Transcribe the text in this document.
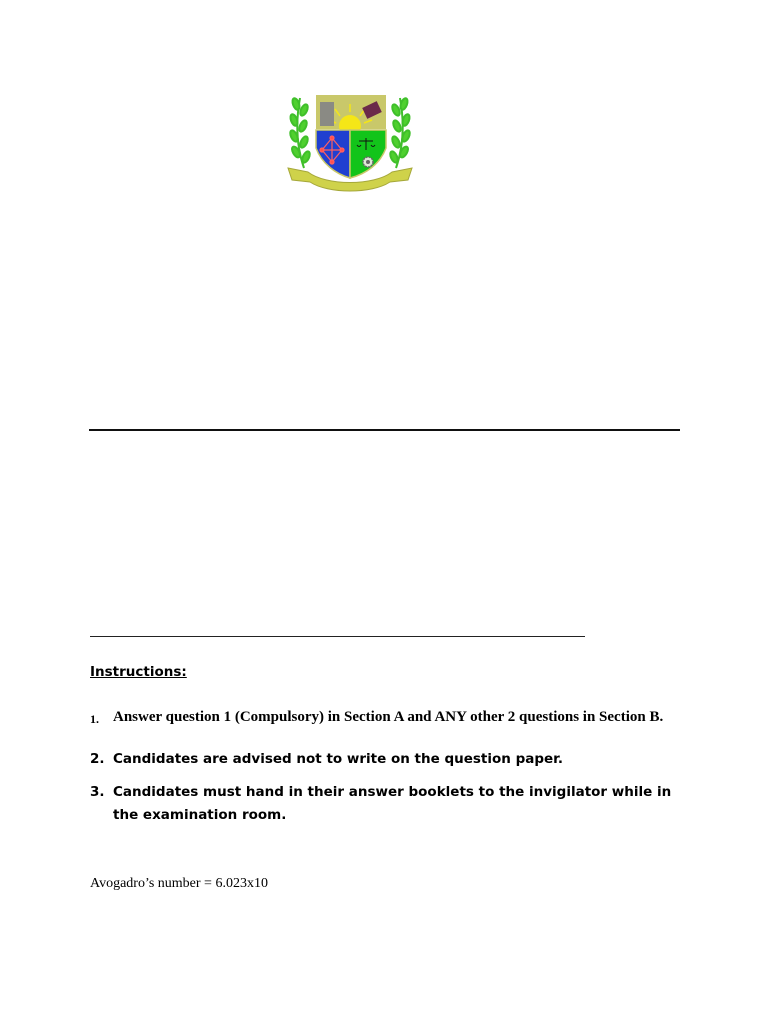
Instructions:
1. Answer question 1 (Compulsory) in Section A and ANY other 2 questions in Section B.
2. Candidates are advised not to write on the question paper.
3. Candidates must hand in their answer booklets to the invigilator while in the examination room.
Avogadro’s number = 6.023x10
